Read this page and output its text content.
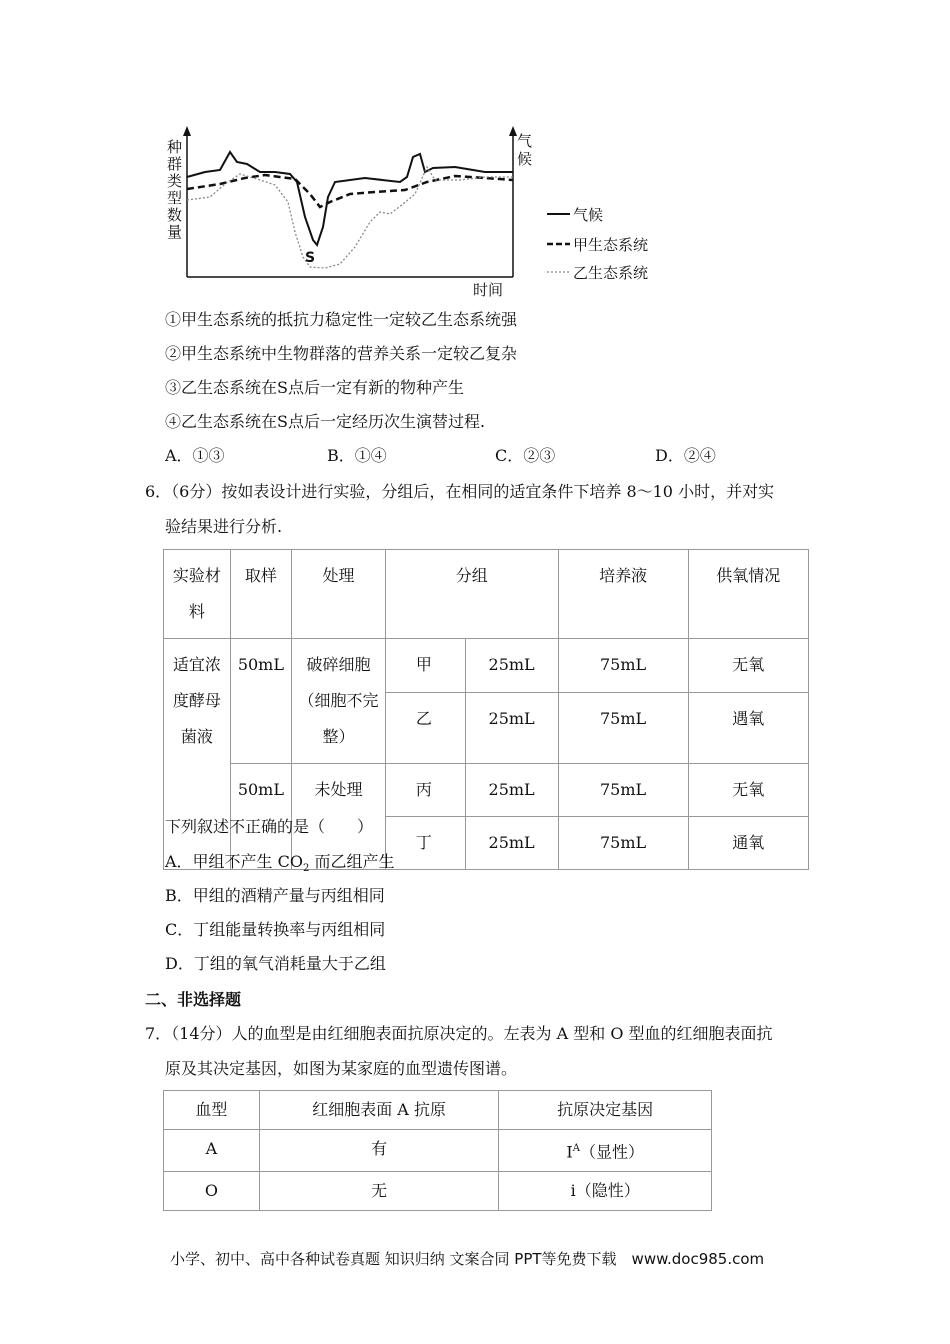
种
群
类
型
数
量
气
候
时间
S
气候
甲生态系统
乙生态系统
①甲生态系统的抵抗力稳定性一定较乙生态系统强
②甲生态系统中生物群落的营养关系一定较乙复杂
③乙生态系统在S点后一定有新的物种产生
④乙生态系统在S点后一定经历次生演替过程.
A．①③	B．①④	C．②③	D．②④
6．（6分）按如表设计进行实验，分组后，在相同的适宜条件下培养 8～10 小时，并对实
验结果进行分析.
实验材料	取样	处理	分组		培养液	供氧情况
适宜浓度酵母菌液	50mL	破碎细胞（细胞不完整）	甲	25mL	75mL	无氧
			乙	25mL	75mL	遇氧
	50mL	未处理	丙	25mL	75mL	无氧
			丁	25mL	75mL	通氧
下列叙述不正确的是（　　）
A．甲组不产生 $CO_2$ 而乙组产生
B．甲组的酒精产量与丙组相同
C．丁组能量转换率与丙组相同
D．丁组的氧气消耗量大于乙组
二、非选择题
7．（14分）人的血型是由红细胞表面抗原决定的。左表为 A 型和 O 型血的红细胞表面抗
原及其决定基因，如图为某家庭的血型遗传图谱。
血型	红细胞表面 A 抗原	抗原决定基因
A	有	$I^A$（显性）
O	无	i（隐性）
小学、初中、高中各种试卷真题 知识归纳 文案合同 PPT等免费下载　www.doc985.com
